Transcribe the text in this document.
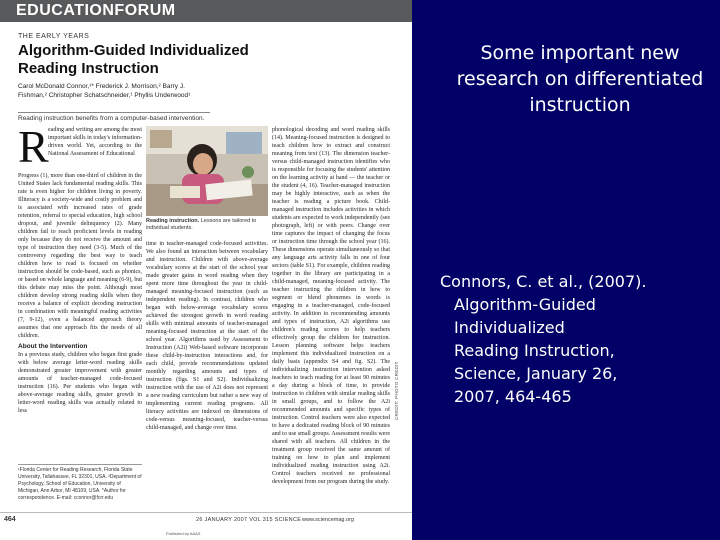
EDUCATIONFORUM
THE EARLY YEARS
Algorithm-Guided Individualized
Reading Instruction
Carol McDonald Connor,¹* Frederick J. Morrison,² Barry J. Fishman,² Christopher Schatschneider,¹ Phyllis Underwood¹
Reading instruction benefits from a computer-based intervention.
R eading and writing are among the most important skills in today's information-driven world. Yet, according to the National Assessment of Educational

Progress (1), more than one-third of children in the United States lack fundamental reading skills. This rate is even higher for children living in poverty. Illiteracy is a society-wide and costly problem and is associated with increased rates of grade retention, referral to special education, high school dropout, and juvenile delinquency (2). Many children fail to reach proficient levels in reading only because they do not receive the amount and type of instruction they need (3-5). Much of the controversy regarding the best way to teach children how to read is focused on whether instruction should be code-based, such as phonics, or based on whole language and meaning (6-9), but this debate may miss the point. Although most children develop strong reading skills when they receive a balance of explicit decoding instruction in combination with meaningful reading activities (7, 9-12), even a balanced approach theory assumes that one approach fits the needs of all children.

About the Intervention

In a previous study, children who began first grade with below average letter-word reading skills demonstrated greater improvement with greater amounts of teacher-managed code-focused instruction (16). Per students who began with above-average reading skills, greater growth in letter-word reading skills was actually related to less

¹Florida Center for Reading Research, Florida State University, Tallahassee, FL 32301, USA. ²Department of Psychology, School of Education, University of Michigan, Ann Arbor, MI 48109, USA. *Author for correspondence. E-mail: cconnor@fcrr.edu
Reading instruction. Lessons are tailored to individual students.

time in teacher-managed code-focused activities. We also found an interaction between vocabulary and instruction. Children with above-average vocabulary scores at the start of the school year made greater gains in word reading when they spent more time throughout the year in child-managed meaning-focused instruction (such as independent reading). In contrast, children who began with below-average vocabulary scores achieved the strongest growth in word reading skills with minimal amounts of teacher-managed meaning-focused instruction at the start of the school year. Algorithms used by Assessment to Instruction (A2i) Web-based software incorporate these child-by-instruction interactions and, for each child, provide recommendations updated monthly regarding amounts and types of instruction (figs. S1 and S2). Individualizing instruction with the use of A2i does not represent a new reading curriculum but rather a new way of implementing current reading programs. All literacy activities are indexed on dimensions of code-versus meaning-focused, teacher-versus child-managed, and change over time.

phonological decoding and word reading skills (14). Meaning-focused instruction is designed to teach children how to extract and construct meaning from text (13). The dimension teacher- versus child-managed instruction identifies who is responsible for focusing the students' attention on the learning activity at hand — the teacher or the student (4, 16). Teacher-managed instruction may be highly interactive, such as when the teacher is reading a picture book. Child-managed instruction includes activities in which students are expected to work independently (see photograph, left) or with peers. Change over time captures the impact of changing the focus or instruction time through the school year (16). These dimensions operate simultaneously so that any language arts activity falls in one of four sectors (table S1). For example, children reading together in the library are participating in a child-managed, meaning-focused activity. The teacher instructing the children in how to segment or blend phonemes in words is engaging in a teacher-managed, code-focused activity. In addition to recommending amounts and types of instruction, A2i algorithms use children's reading scores to help teachers effectively group the children for instruction. Lesson planning software helps teachers implement this individualized instruction on a daily basis (appendix S4 and fig. S2). The individualizing instruction intervention asked teachers to teach reading for at least 90 minutes a day during a block of time, to provide instruction to children with similar reading skills in small groups, and to follow the A2i recommended amounts and specific types of instruction. Control teachers were also expected to have a dedicated reading block of 90 minutes and to use small groups. Assessment results were shared with all teachers. All children in the treatment group received the same amount of training on how to plan and implement individualized reading instruction using A2i. Control teachers received no professional development from our program during the study.

CREDIT: PHOTO CREDIT
464	26 JANUARY 2007 VOL 315 SCIENCE www.sciencemag.org
Published by AAAS
Some important new research on differentiated instruction
Connors, C. et al., (2007).
Algorithm-Guided
Individualized
Reading Instruction,
Science, January 26,
2007, 464-465
